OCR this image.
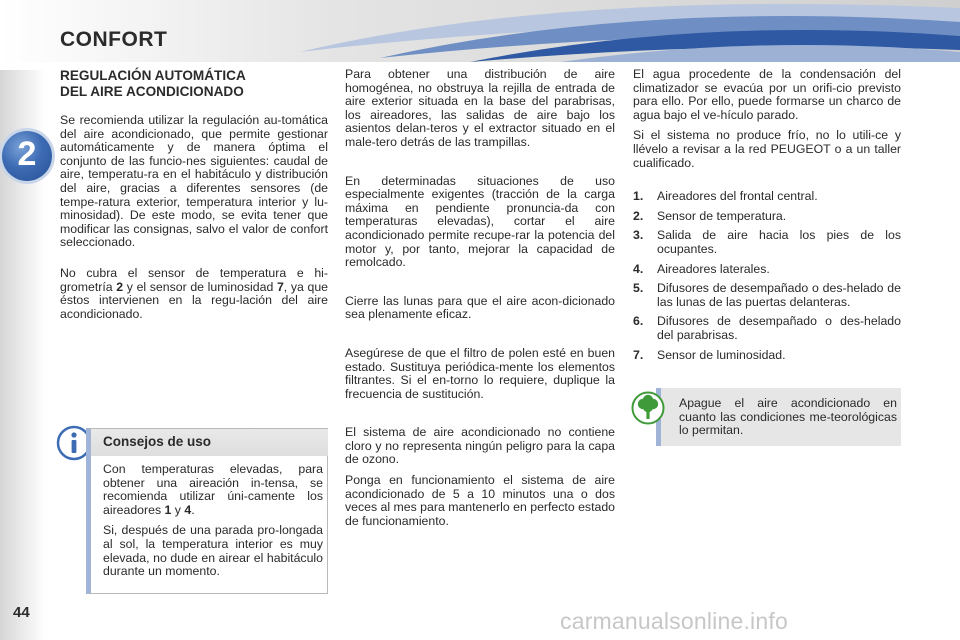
CONFORT
2
44
REGULACIÓN AUTOMÁTICA
DEL AIRE ACONDICIONADO

Se recomienda utilizar la regulación au-tomática del aire acondicionado, que permite gestionar automáticamente y de manera óptima el conjunto de las funcio-nes siguientes: caudal de aire, temperatu-ra en el habitáculo y distribución del aire, gracias a diferentes sensores (de tempe-ratura exterior, temperatura interior y lu-minosidad). De este modo, se evita tener que modificar las consignas, salvo el valor de confort seleccionado.

No cubra el sensor de temperatura e hi-grometría 2 y el sensor de luminosidad 7, ya que éstos intervienen en la regu-lación del aire acondicionado.

Consejos de uso

Con temperaturas elevadas, para obtener una aireación in-tensa, se recomienda utilizar úni-camente los aireadores 1 y 4.

Si, después de una parada pro-longada al sol, la temperatura interior es muy elevada, no dude en airear el habitáculo durante un momento.

Para obtener una distribución de aire homogénea, no obstruya la rejilla de entrada de aire exterior situada en la base del parabrisas, los aireadores, las salidas de aire bajo los asientos delan-teros y el extractor situado en el male-tero detrás de las trampillas.

En determinadas situaciones de uso especialmente exigentes (tracción de la carga máxima en pendiente pronuncia-da con temperaturas elevadas), cortar el aire acondicionado permite recupe-rar la potencia del motor y, por tanto, mejorar la capacidad de remolcado.

Cierre las lunas para que el aire acon-dicionado sea plenamente eficaz.

Asegúrese de que el filtro de polen esté en buen estado. Sustituya periódica-mente los elementos filtrantes. Si el en-torno lo requiere, duplique la frecuencia de sustitución.

El sistema de aire acondicionado no contiene cloro y no representa ningún peligro para la capa de ozono.

Ponga en funcionamiento el sistema de aire acondicionado de 5 a 10 minutos una o dos veces al mes para mantenerlo en perfecto estado de funcionamiento.

El agua procedente de la condensación del climatizador se evacúa por un orifi-cio previsto para ello. Por ello, puede formarse un charco de agua bajo el ve-hículo parado.

Si el sistema no produce frío, no lo utili-ce y llévelo a revisar a la red PEUGEOT o a un taller cualificado.

1. Aireadores del frontal central.
2. Sensor de temperatura.
3. Salida de aire hacia los pies de los ocupantes.
4. Aireadores laterales.
5. Difusores de desempañado o des-helado de las lunas de las puertas delanteras.
6. Difusores de desempañado o des-helado del parabrisas.
7. Sensor de luminosidad.
Apague el aire acondicionado en cuanto las condiciones me-teorológicas lo permitan.
carmanualsonline.info
